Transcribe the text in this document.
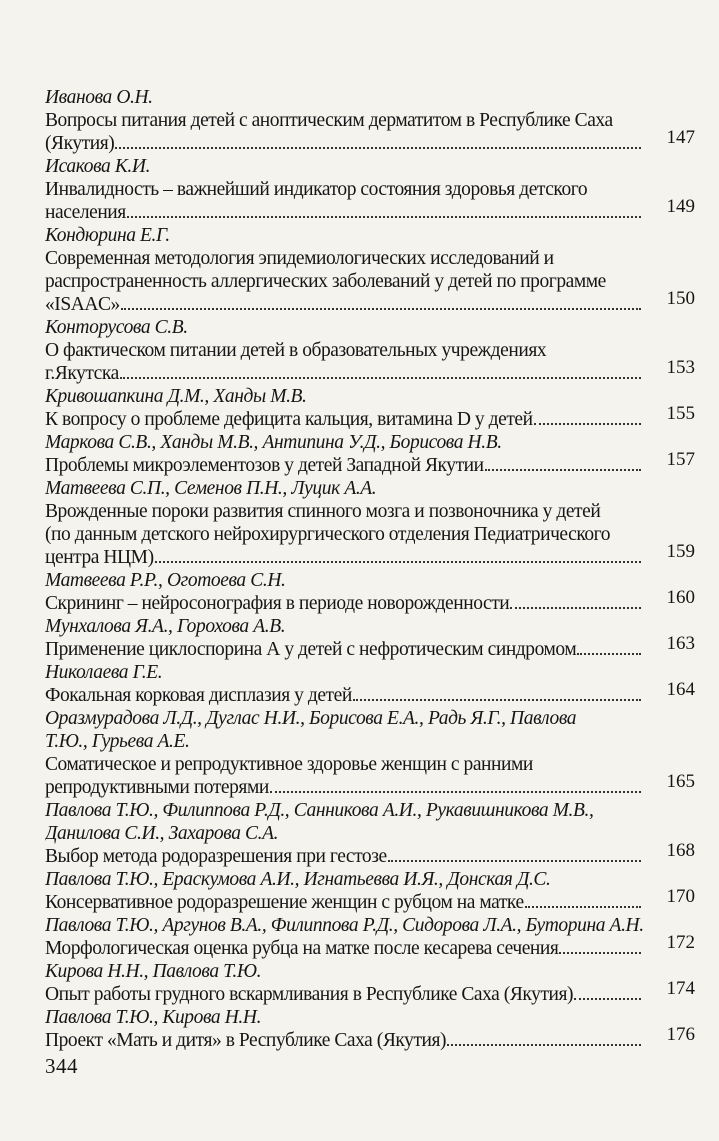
Иванова О.Н.
Вопросы питания детей с аноптическим дерматитом в Республике Саха
(Якутия)	147
Исакова К.И.
Инвалидность – важнейший индикатор состояния здоровья детского
населения	149
Кондюрина Е.Г.
Современная методология эпидемиологических исследований и
распространенность аллергических заболеваний у детей по программе
«ISAAC»	150
Конторусова С.В.
О фактическом питании детей в образовательных учреждениях
г.Якутска	153
Кривошапкина Д.М., Ханды М.В.
К вопросу о проблеме дефицита кальция, витамина D у детей	155
Маркова С.В., Ханды М.В., Антипина У.Д., Борисова Н.В.
Проблемы микроэлементозов у детей Западной Якутии	157
Матвеева С.П., Семенов П.Н., Луцик А.А.
Врожденные пороки развития спинного мозга и позвоночника у детей
(по данным детского нейрохирургического отделения Педиатрического
центра НЦМ)	159
Матвеева Р.Р., Оготоева С.Н.
Скрининг – нейросонография в периоде новорожденности	160
Мунхалова Я.А., Горохова А.В.
Применение циклоспорина А у детей с нефротическим синдромом	163
Николаева Г.Е.
Фокальная корковая дисплазия у детей	164
Оразмурадова Л.Д., Дуглас Н.И., Борисова Е.А., Радь Я.Г., Павлова
Т.Ю., Гурьева А.Е.
Соматическое и репродуктивное здоровье женщин с ранними
репродуктивными потерями	165
Павлова Т.Ю., Филиппова Р.Д., Санникова А.И., Рукавишникова М.В.,
Данилова С.И., Захарова С.А.
Выбор метода родоразрешения при гестозе	168
Павлова Т.Ю., Ераскумова А.И., Игнатьевва И.Я., Донская Д.С.
Консервативное родоразрешение женщин с рубцом на матке	170
Павлова Т.Ю., Аргунов В.А., Филиппова Р.Д., Сидорова Л.А., Буторина А.Н.
Морфологическая оценка рубца на матке после кесарева сечения	172
Кирова Н.Н., Павлова Т.Ю.
Опыт работы грудного вскармливания в Республике Саха (Якутия)	174
Павлова Т.Ю., Кирова Н.Н.
Проект «Мать и дитя» в Республике Саха (Якутия)	176
344
